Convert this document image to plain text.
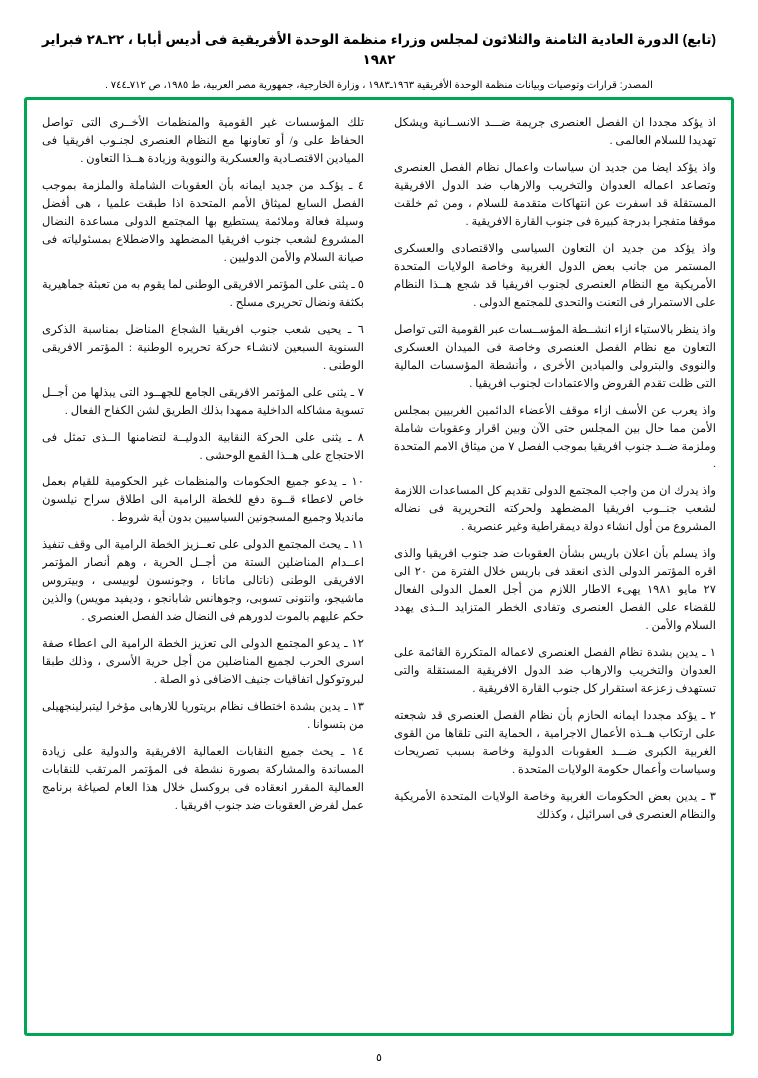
(تابع) الدورة العادية الثامنة والثلاثون لمجلس وزراء منظمة الوحدة الأفريقية فى أديس أبابا ، ٢٢ـ٢٨ فبراير ١٩٨٢
المصدر: قرارات وتوصيات وبيانات منظمة الوحدة الأفريقية ١٩٦٣ـ١٩٨٣ ، وزارة الخارجية، جمهورية مصر العربية، ط ١٩٨٥، ص ٧١٢ـ٧٤٤ .

اذ يؤكد مجددا ان الفصل العنصرى جريمة ضـــد الانســانية ويشكل تهديدا للسلام العالمى .

واذ يؤكد ايضا من جديد ان سياسات واعمال نظام الفصل العنصرى وتصاعد اعماله العدوان والتخريب والارهاب ضد الدول الافريقية المستقلة قد اسفرت عن انتهاكات متقدمة للسلام ، ومن ثم خلقت موقفا متفجرا بدرجة كبيرة فى جنوب القارة الافريقية .

واذ يؤكد من جديد ان التعاون السياسى والاقتصادى والعسكرى المستمر من جانب بعض الدول الغربية وخاصة الولايات المتحدة الأمريكية مع النظام العنصرى لجنوب افريقيا قد شجع هــذا النظام على الاستمرار فى التعنت والتحدى للمجتمع الدولى .

واذ ينظر بالاستياء ازاء انشــطة المؤســسات عبر القومية التى تواصل التعاون مع نظام الفصل العنصرى وخاصة فى الميدان العسكرى والنووى والبترولى والميادين الأخرى ، وأنشطة المؤسسات المالية التى ظلت تقدم القروض والاعتمادات لجنوب افريقيا .

واذ يعرب عن الأسف ازاء موقف الأعضاء الدائمين الغربيين بمجلس الأمن مما حال بين المجلس حتى الآن وبين اقرار وعقوبات شاملة وملزمة ضــد جنوب افريقيا بموجب الفصل ٧ من ميثاق الامم المتحدة .

واذ يدرك ان من واجب المجتمع الدولى تقديم كل المساعدات اللازمة لشعب جنــوب افريقيا المضطهد ولحركته التحريرية فى نضاله المشروع من أول انشاء دولة ديمقراطية وغير عنصرية .

واذ يسلم بأن اعلان باريس بشأن العقوبات ضد جنوب افريقيا والذى اقره المؤتمر الدولى الذى انعقد فى باريس خلال الفترة من ٢٠ الى ٢٧ مايو ١٩٨١ يهىء الاطار اللازم من أجل العمل الدولى الفعال للقضاء على الفصل العنصرى وتفادى الخطر المتزايد الــذى يهدد السلام والأمن .

١ ـ يدين بشدة نظام الفصل العنصرى لاعماله المتكررة القائمة على العدوان والتخريب والارهاب ضد الدول الافريقية المستقلة والتى تستهدف زعزعة استقرار كل جنوب القارة الافريقية .

٢ ـ يؤكد مجددا ايمانه الحازم بأن نظام الفصل العنصرى قد شجعته على ارتكاب هــذه الأعمال الاجرامية ، الحماية التى تلقاها من القوى الغربية الكبرى ضـــد العقوبات الدولية وخاصة بسبب تصريحات وسياسات وأعمال حكومة الولايات المتحدة .

٣ ـ يدين بعض الحكومات الغربية وخاصة الولايات المتحدة الأمريكية والنظام العنصرى فى اسرائيل ، وكذلك

تلك المؤسسات غير القومية والمنظمات الأخــرى التى تواصل الحفاظ على و/ أو تعاونها مع النظام العنصرى لجنـوب افريقيا فى الميادين الاقتصـادية والعسكرية والنووية وزيادة هــذا التعاون .

٤ ـ يؤكـد من جديد ايمانه بأن العقوبات الشاملة والملزمة بموجب الفصل السابع لميثاق الأمم المتحدة اذا طبقت علميا ، هى أفضل وسيلة فعالة وملائمة يستطيع بها المجتمع الدولى مساعدة النضال المشروع لشعب جنوب افريقيا المضطهد والاضطلاع بمسئولياته فى صيانة السلام والأمن الدوليين .

٥ ـ يثنى على المؤتمر الافريقى الوطنى لما يقوم به من تعبئة جماهيرية بكثفة ونضال تحريرى مسلح .

٦ ـ يحيى شعب جنوب افريقيا الشجاع المناضل بمناسبة الذكرى السنوية السبعين لانشـاء حركة تحريره الوطنية : المؤتمر الافريقى الوطنى .

٧ ـ يثنى على المؤتمر الافريقى الجامع للجهــود التى يبذلها من أجــل تسوية مشاكله الداخلية ممهدا بذلك الطريق لشن الكفاح الفعال .

٨ ـ يثنى على الحركة النقابية الدوليــة لتضامنها الــذى تمثل فى الاحتجاج على هــذا القمع الوحشى .

١٠ ـ يدعو جميع الحكومات والمنظمات غير الحكومية للقيام بعمل خاص لاعطاء قــوة دفع للخطة الرامية الى اطلاق سراح نيلسون مانديلا وجميع المسجونين السياسيين بدون أية شروط .

١١ ـ يحث المجتمع الدولى على تعــزيز الخطة الرامية الى وقف تنفيذ اعــدام المناضلين الستة من أجــل الحرية ، وهم أنصار المؤتمر الافريقى الوطنى (ناتالى ماناتا ، وجونسون لوبيسى ، وبيتروس ماشيجو، وانتونى تسوبى، وجوهانس شابانجو ، وديفيد مويس) والذين حكم عليهم بالموت لدورهم فى النضال ضد الفصل العنصرى .

١٢ ـ يدعو المجتمع الدولى الى تعزيز الخطة الرامية الى اعطاء صفة اسرى الحرب لجميع المناضلين من أجل حرية الأسرى ، وذلك طبقا لبروتوكول اتفاقيات جنيف الاضافى ذو الصلة .

١٣ ـ يدين بشدة اختطاف نظام بريتوريا للارهابى مؤخرا ليتبرلينجهيلى من بتسوانا .

١٤ ـ يحث جميع النقابات العمالية الافريقية والدولية على زيادة المساندة والمشاركة بصورة نشطة فى المؤتمر المرتقب للنقابات العمالية المقرر انعقاده فى بروكسل خلال هذا العام لصياغة برنامج عمل لفرض العقوبات ضد جنوب افريقيا .

٥
